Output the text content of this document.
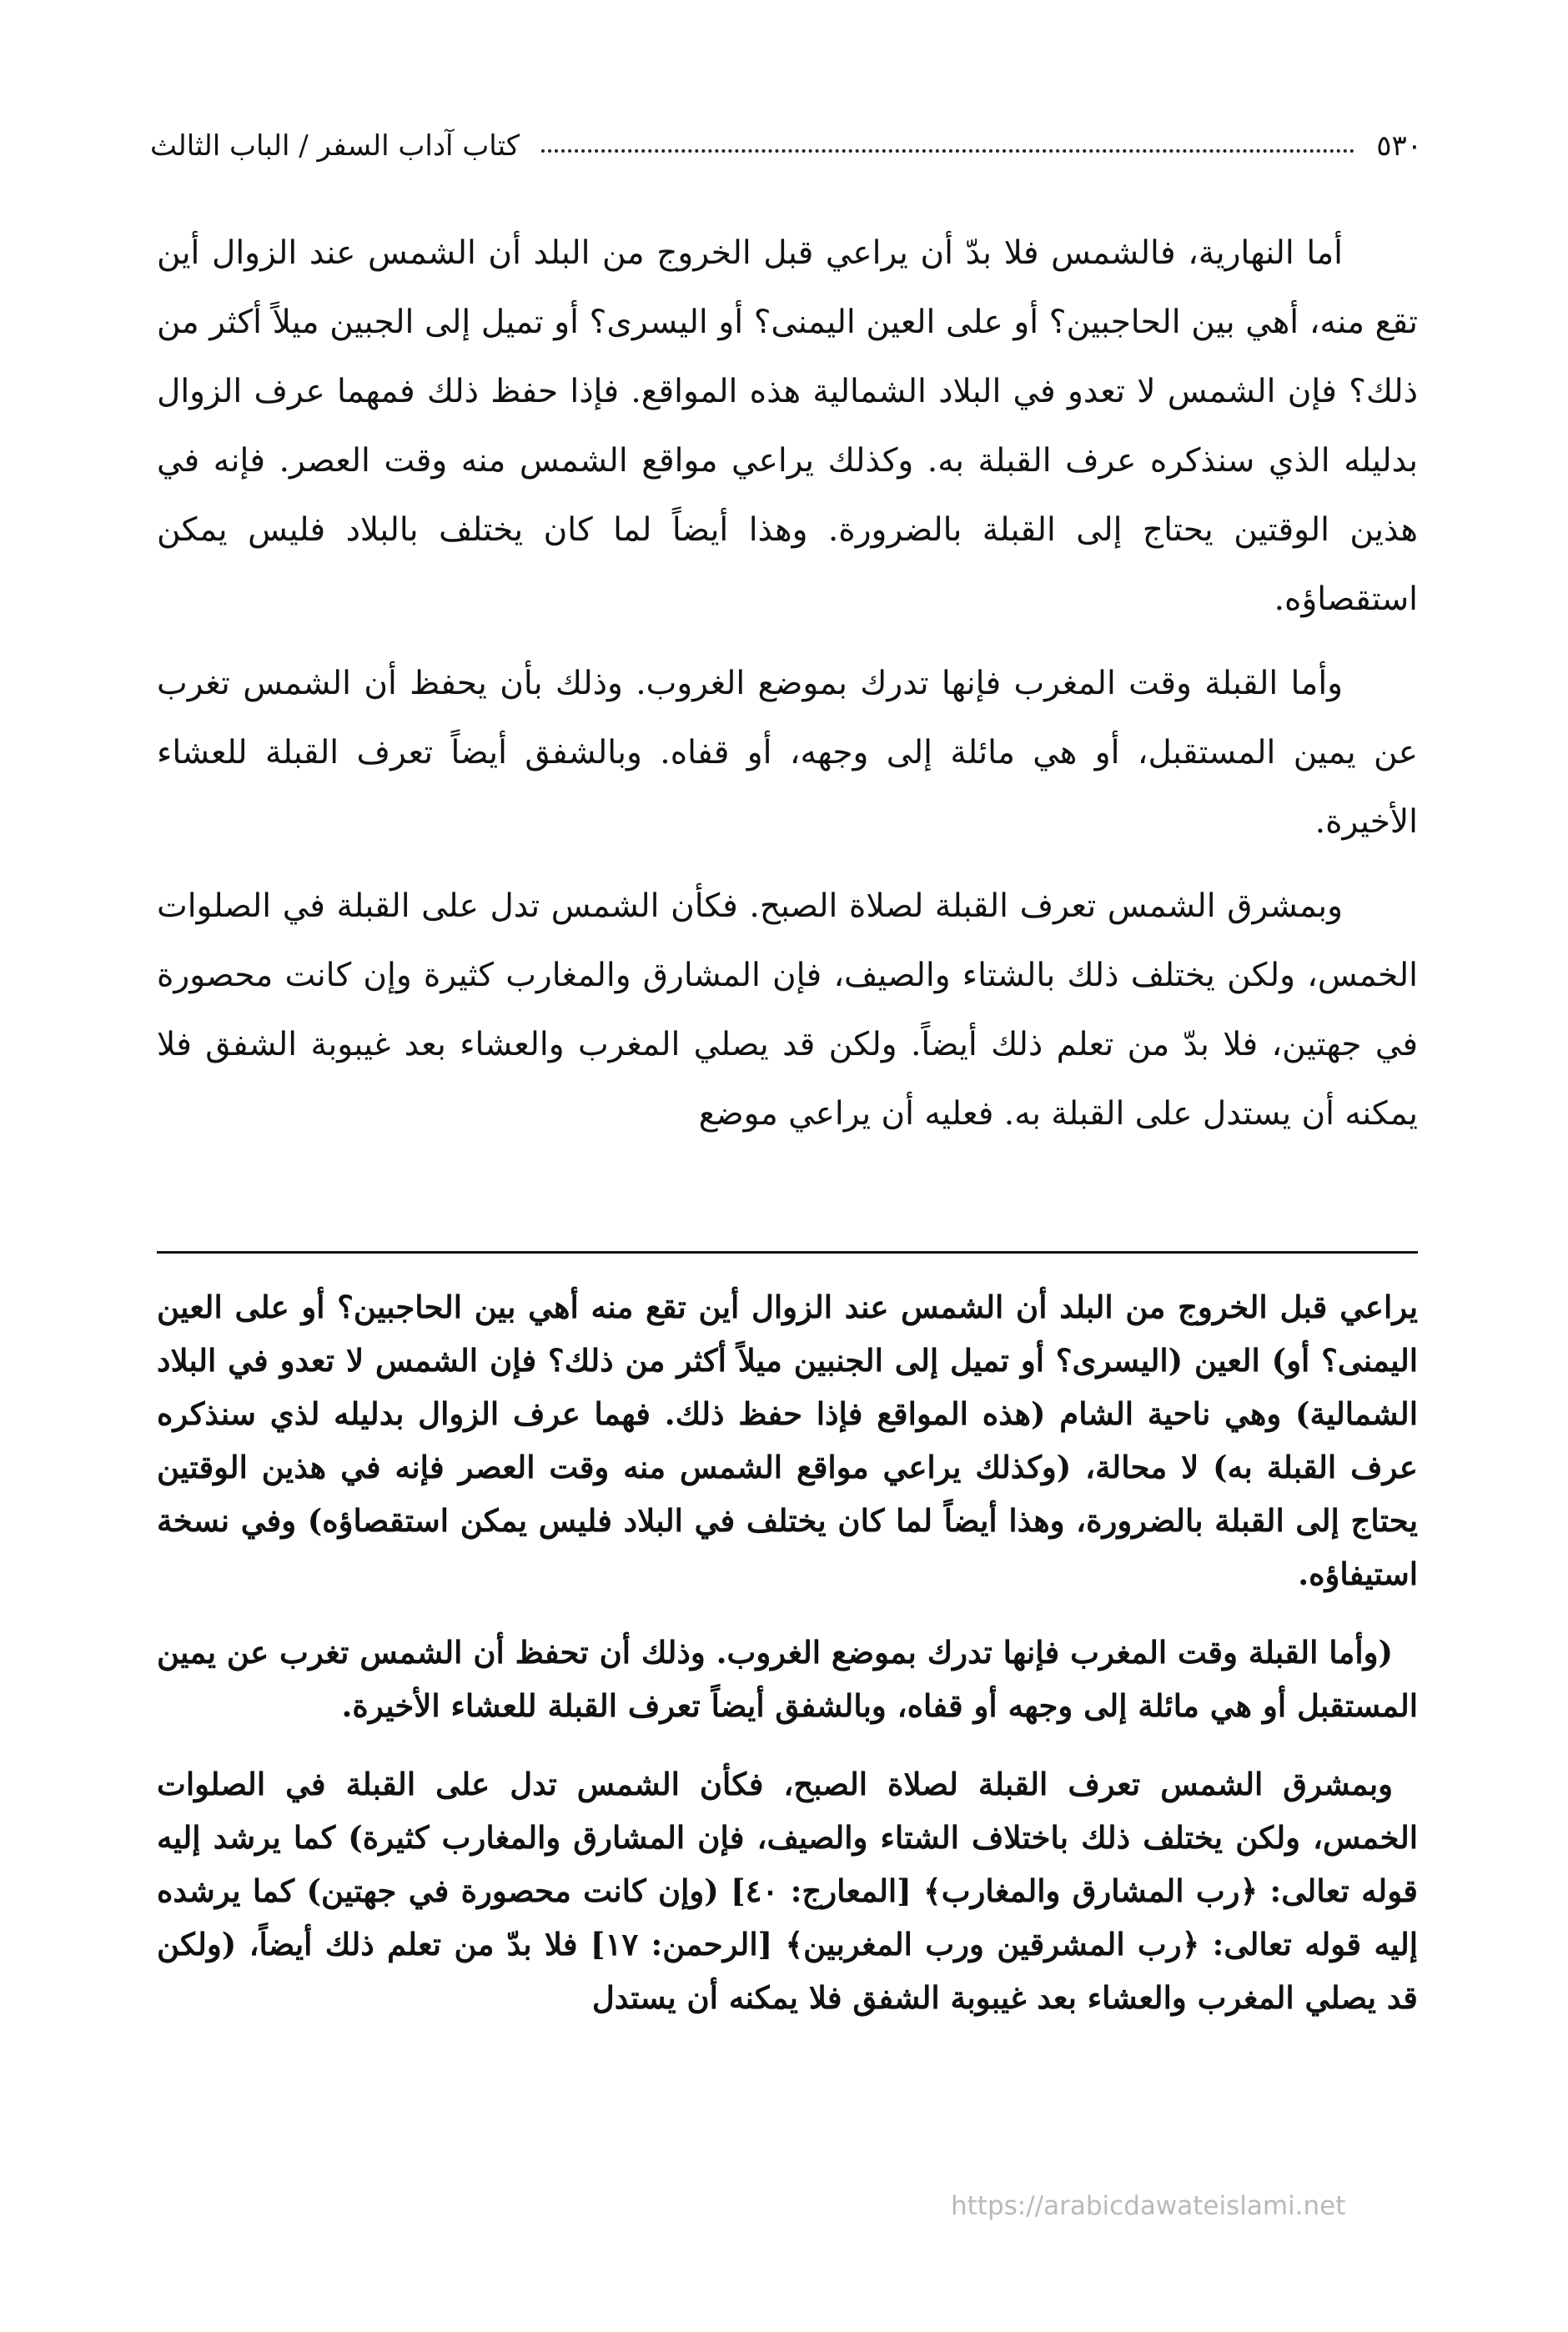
٥٣٠
كتاب آداب السفر / الباب الثالث

أما النهارية، فالشمس فلا بدّ أن يراعي قبل الخروج من البلد أن الشمس عند الزوال أين تقع منه، أهي بين الحاجبين؟ أو على العين اليمنى؟ أو اليسرى؟ أو تميل إلى الجبين ميلاً أكثر من ذلك؟ فإن الشمس لا تعدو في البلاد الشمالية هذه المواقع. فإذا حفظ ذلك فمهما عرف الزوال بدليله الذي سنذكره عرف القبلة به. وكذلك يراعي مواقع الشمس منه وقت العصر. فإنه في هذين الوقتين يحتاج إلى القبلة بالضرورة. وهذا أيضاً لما كان يختلف بالبلاد فليس يمكن استقصاؤه.

وأما القبلة وقت المغرب فإنها تدرك بموضع الغروب. وذلك بأن يحفظ أن الشمس تغرب عن يمين المستقبل، أو هي مائلة إلى وجهه، أو قفاه. وبالشفق أيضاً تعرف القبلة للعشاء الأخيرة.

وبمشرق الشمس تعرف القبلة لصلاة الصبح. فكأن الشمس تدل على القبلة في الصلوات الخمس، ولكن يختلف ذلك بالشتاء والصيف، فإن المشارق والمغارب كثيرة وإن كانت محصورة في جهتين، فلا بدّ من تعلم ذلك أيضاً. ولكن قد يصلي المغرب والعشاء بعد غيبوبة الشفق فلا يمكنه أن يستدل على القبلة به. فعليه أن يراعي موضع

يراعي قبل الخروج من البلد أن الشمس عند الزوال أين تقع منه أهي بين الحاجبين؟ أو على العين اليمنى؟ أو) العين (اليسرى؟ أو تميل إلى الجنبين ميلاً أكثر من ذلك؟ فإن الشمس لا تعدو في البلاد الشمالية) وهي ناحية الشام (هذه المواقع فإذا حفظ ذلك. فهما عرف الزوال بدليله لذي سنذكره عرف القبلة به) لا محالة، (وكذلك يراعي مواقع الشمس منه وقت العصر فإنه في هذين الوقتين يحتاج إلى القبلة بالضرورة، وهذا أيضاً لما كان يختلف في البلاد فليس يمكن استقصاؤه) وفي نسخة استيفاؤه.

(وأما القبلة وقت المغرب فإنها تدرك بموضع الغروب. وذلك أن تحفظ أن الشمس تغرب عن يمين المستقبل أو هي مائلة إلى وجهه أو قفاه، وبالشفق أيضاً تعرف القبلة للعشاء الأخيرة.

وبمشرق الشمس تعرف القبلة لصلاة الصبح، فكأن الشمس تدل على القبلة في الصلوات الخمس، ولكن يختلف ذلك باختلاف الشتاء والصيف، فإن المشارق والمغارب كثيرة) كما يرشد إليه قوله تعالى: ﴿رب المشارق والمغارب﴾ [المعارج: ٤٠] (وإن كانت محصورة في جهتين) كما يرشده إليه قوله تعالى: ﴿رب المشرقين ورب المغربين﴾ [الرحمن: ١٧] فلا بدّ من تعلم ذلك أيضاً، (ولكن قد يصلي المغرب والعشاء بعد غيبوبة الشفق فلا يمكنه أن يستدل

https://arabicdawateislami.net
